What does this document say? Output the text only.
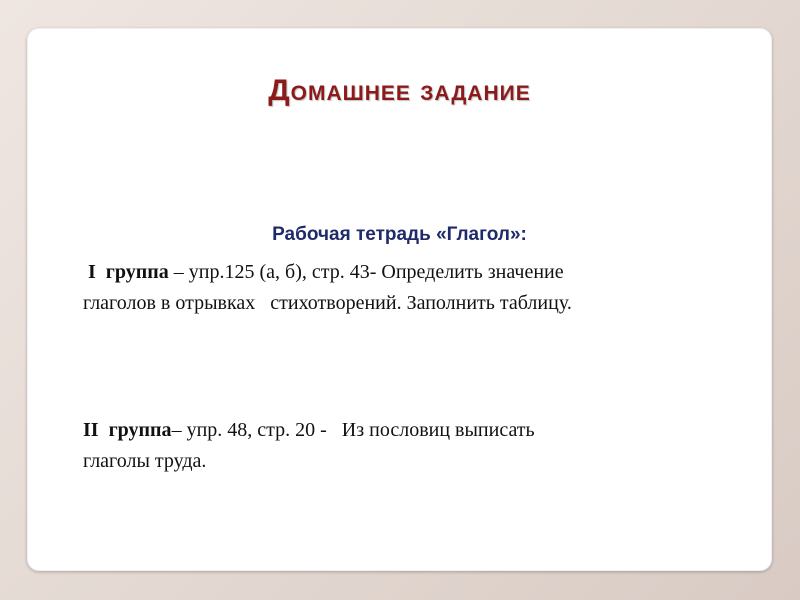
Домашнее задание
Рабочая тетрадь «Глагол»:
I  группа – упр.125 (а, б), стр. 43- Определить значение
глаголов в отрывках   стихотворений. Заполнить таблицу.
II  группа– упр. 48, стр. 20 -   Из пословиц выписать
глаголы труда.
